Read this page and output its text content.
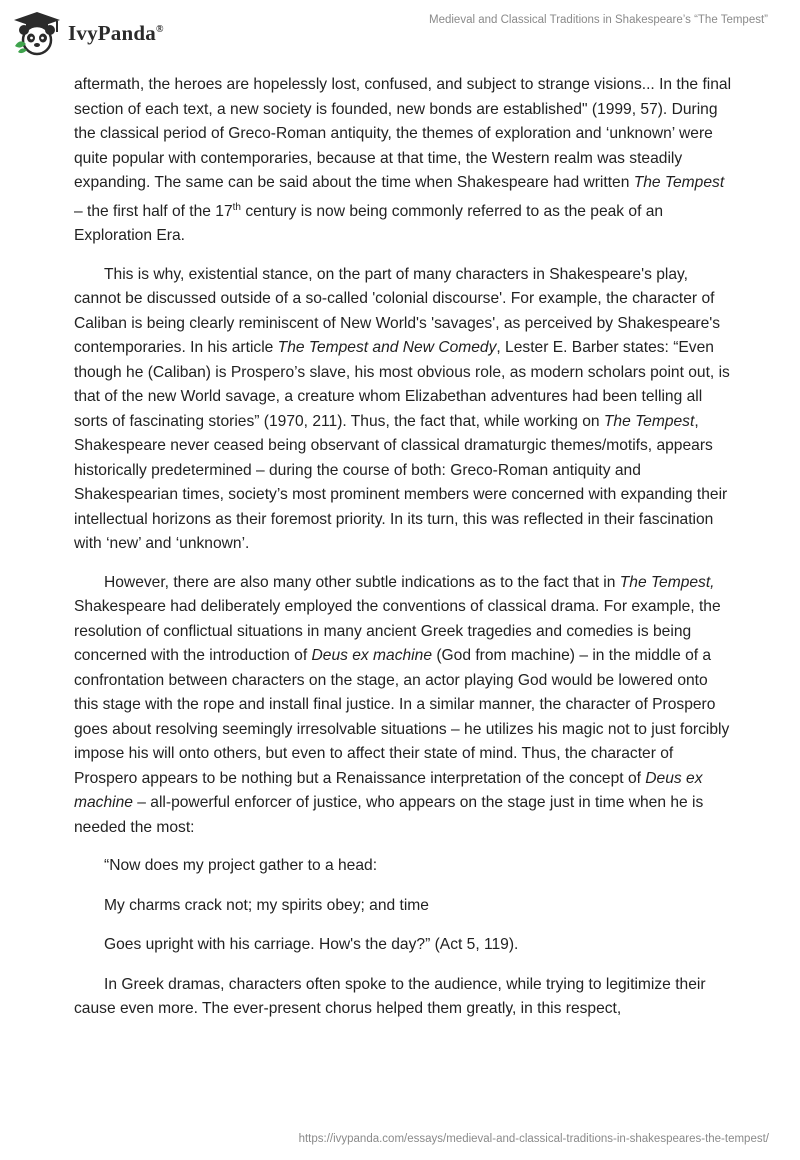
IvyPanda®
Medieval and Classical Traditions in Shakespeare’s “The Tempest”

aftermath, the heroes are hopelessly lost, confused, and subject to strange visions... In the final section of each text, a new society is founded, new bonds are established" (1999, 57). During the classical period of Greco-Roman antiquity, the themes of exploration and ‘unknown’ were quite popular with contemporaries, because at that time, the Western realm was steadily expanding. The same can be said about the time when Shakespeare had written The Tempest – the first half of the 17th century is now being commonly referred to as the peak of an Exploration Era.

This is why, existential stance, on the part of many characters in Shakespeare's play, cannot be discussed outside of a so-called 'colonial discourse'. For example, the character of Caliban is being clearly reminiscent of New World's 'savages', as perceived by Shakespeare's contemporaries. In his article The Tempest and New Comedy, Lester E. Barber states: “Even though he (Caliban) is Prospero’s slave, his most obvious role, as modern scholars point out, is that of the new World savage, a creature whom Elizabethan adventures had been telling all sorts of fascinating stories” (1970, 211). Thus, the fact that, while working on The Tempest, Shakespeare never ceased being observant of classical dramaturgic themes/motifs, appears historically predetermined – during the course of both: Greco-Roman antiquity and Shakespearian times, society’s most prominent members were concerned with expanding their intellectual horizons as their foremost priority. In its turn, this was reflected in their fascination with ‘new’ and ‘unknown’.

However, there are also many other subtle indications as to the fact that in The Tempest, Shakespeare had deliberately employed the conventions of classical drama. For example, the resolution of conflictual situations in many ancient Greek tragedies and comedies is being concerned with the introduction of Deus ex machine (God from machine) – in the middle of a confrontation between characters on the stage, an actor playing God would be lowered onto this stage with the rope and install final justice. In a similar manner, the character of Prospero goes about resolving seemingly irresolvable situations – he utilizes his magic not to just forcibly impose his will onto others, but even to affect their state of mind. Thus, the character of Prospero appears to be nothing but a Renaissance interpretation of the concept of Deus ex machine – all-powerful enforcer of justice, who appears on the stage just in time when he is needed the most:

“Now does my project gather to a head:

My charms crack not; my spirits obey; and time

Goes upright with his carriage. How's the day?” (Act 5, 119).

In Greek dramas, characters often spoke to the audience, while trying to legitimize their cause even more. The ever-present chorus helped them greatly, in this respect,

https://ivypanda.com/essays/medieval-and-classical-traditions-in-shakespeares-the-tempest/
